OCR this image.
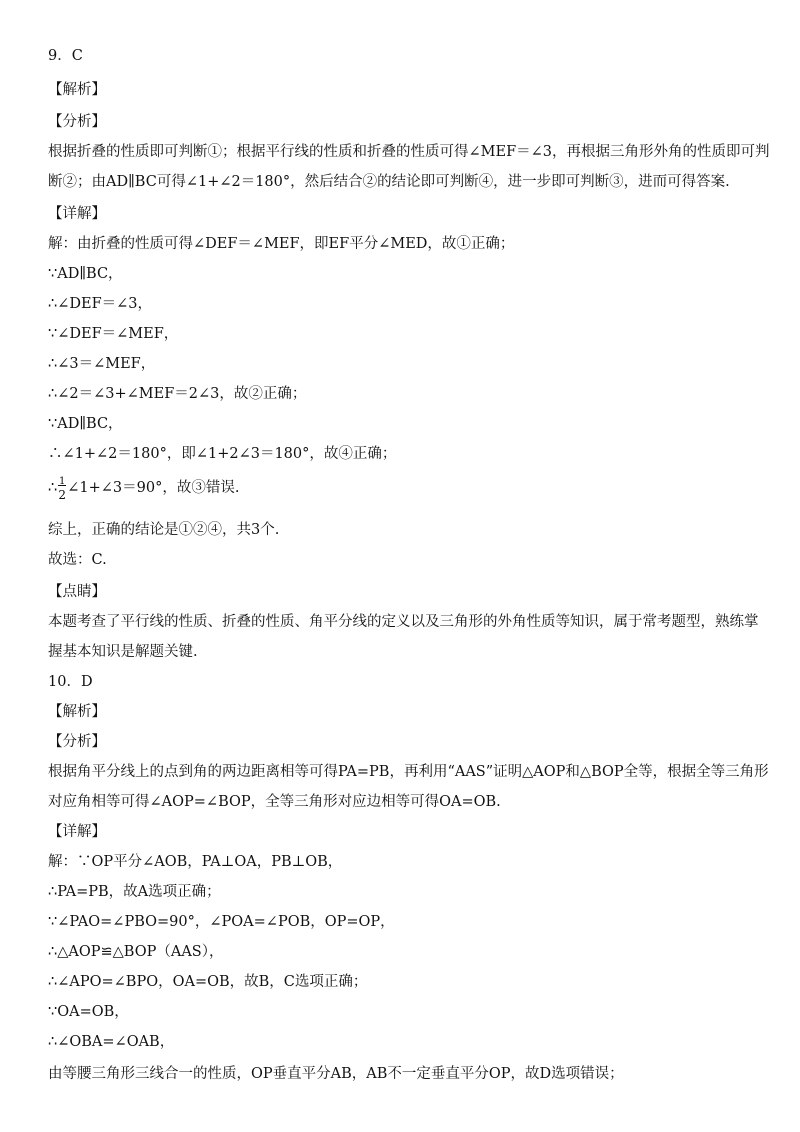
9．C
【解析】
【分析】
根据折叠的性质即可判断①；根据平行线的性质和折叠的性质可得∠MEF＝∠3，再根据三角形外角的性质即可判
断②；由AD∥BC可得∠1+∠2＝180°，然后结合②的结论即可判断④，进一步即可判断③，进而可得答案.
【详解】
解：由折叠的性质可得∠DEF＝∠MEF，即EF平分∠MED，故①正确；
∵AD∥BC，
∴∠DEF＝∠3，
∵∠DEF＝∠MEF，
∴∠3＝∠MEF，
∴∠2＝∠3+∠MEF＝2∠3，故②正确；
∵AD∥BC，
∴∠1+∠2＝180°，即∠1+2∠3＝180°，故④正确；
∴ 1
2 ∠1+∠3＝90°，故③错误.
综上，正确的结论是①②④，共3个.
故选：C.
【点睛】
本题考查了平行线的性质、折叠的性质、角平分线的定义以及三角形的外角性质等知识，属于常考题型，熟练掌
握基本知识是解题关键.
10．D
【解析】
【分析】
根据角平分线上的点到角的两边距离相等可得PA=PB，再利用“AAS”证明△AOP和△BOP全等，根据全等三角形
对应角相等可得∠AOP=∠BOP，全等三角形对应边相等可得OA=OB.
【详解】
解：∵OP平分∠AOB，PA⊥OA，PB⊥OB，
∴PA=PB，故A选项正确；
∵∠PAO=∠PBO=90°，∠POA=∠POB，OP=OP，
∴△AOP≌△BOP（AAS），
∴∠APO=∠BPO，OA=OB，故B，C选项正确；
∵OA=OB，
∴∠OBA=∠OAB，
由等腰三角形三线合一的性质，OP垂直平分AB，AB不一定垂直平分OP，故D选项错误；
